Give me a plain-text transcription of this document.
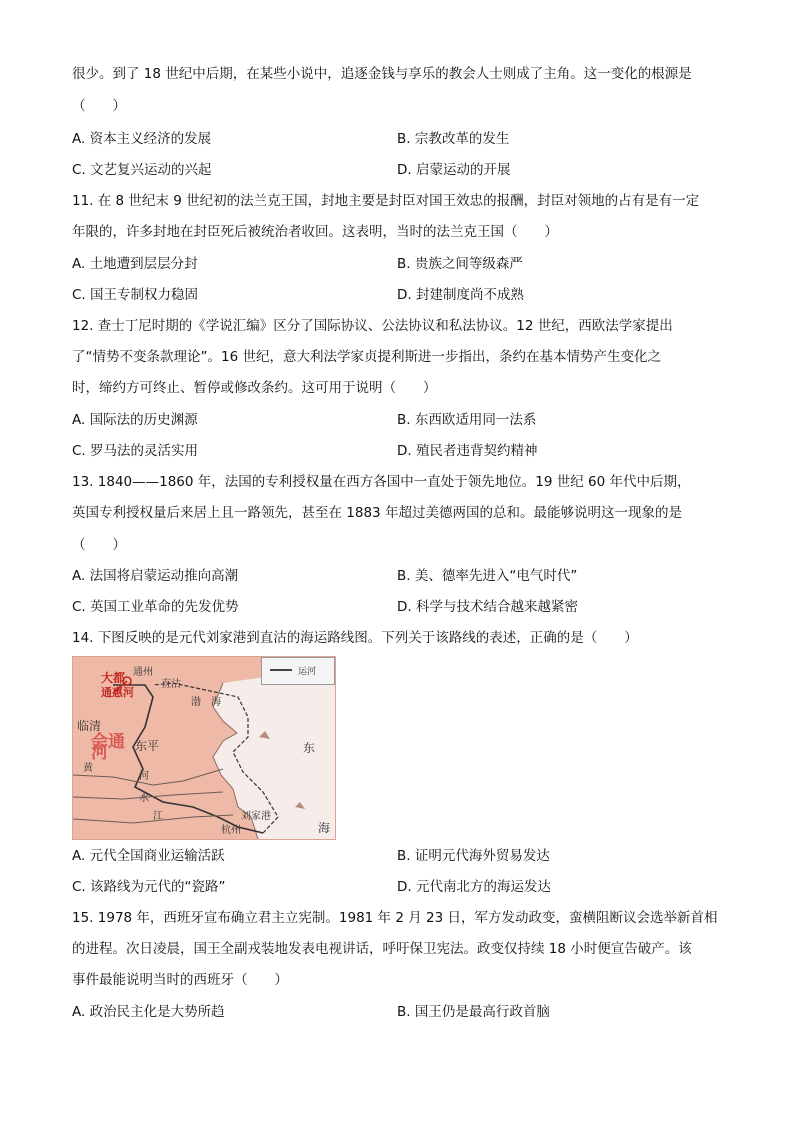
很少。到了 18 世纪中后期，在某些小说中，追逐金钱与享乐的教会人士则成了主角。这一变化的根源是
（　　）
A. 资本主义经济的发展	B. 宗教改革的发生
C. 文艺复兴运动的兴起	D. 启蒙运动的开展
11. 在 8 世纪末 9 世纪初的法兰克王国，封地主要是封臣对国王效忠的报酬，封臣对领地的占有是有一定
年限的，许多封地在封臣死后被统治者收回。这表明，当时的法兰克王国（　　）
A. 土地遭到层层分封	B. 贵族之间等级森严
C. 国王专制权力稳固	D. 封建制度尚不成熟
12. 查士丁尼时期的《学说汇编》区分了国际协议、公法协议和私法协议。12 世纪，西欧法学家提出
了“情势不变条款理论”。16 世纪，意大利法学家贞提利斯进一步指出，条约在基本情势产生变化之
时，缔约方可终止、暂停或修改条约。这可用于说明（　　）
A. 国际法的历史渊源	B. 东西欧适用同一法系
C. 罗马法的灵活实用	D. 殖民者违背契约精神
13. 1840——1860 年，法国的专利授权量在西方各国中一直处于领先地位。19 世纪 60 年代中后期，
英国专利授权量后来居上且一路领先，甚至在 1883 年超过美德两国的总和。最能够说明这一现象的是
（　　）
A. 法国将启蒙运动推向高潮	B. 美、德率先进入“电气时代”
C. 英国工业革命的先发优势	D. 科学与技术结合越来越紧密
14. 下图反映的是元代刘家港到直沽的海运路线图。下列关于该路线的表述，正确的是（　　）
运河
大都 通州
通惠河
直沽
渤　海
临清
会通河	东平	东
黄
河
水
江	刘家港
杭州	海
A. 元代全国商业运输活跃	B. 证明元代海外贸易发达
C. 该路线为元代的“瓷路”	D. 元代南北方的海运发达
15. 1978 年，西班牙宣布确立君主立宪制。1981 年 2 月 23 日，军方发动政变，蛮横阻断议会选举新首相
的进程。次日凌晨，国王全副戎装地发表电视讲话，呼吁保卫宪法。政变仅持续 18 小时便宣告破产。该
事件最能说明当时的西班牙（　　）
A. 政治民主化是大势所趋	B. 国王仍是最高行政首脑
